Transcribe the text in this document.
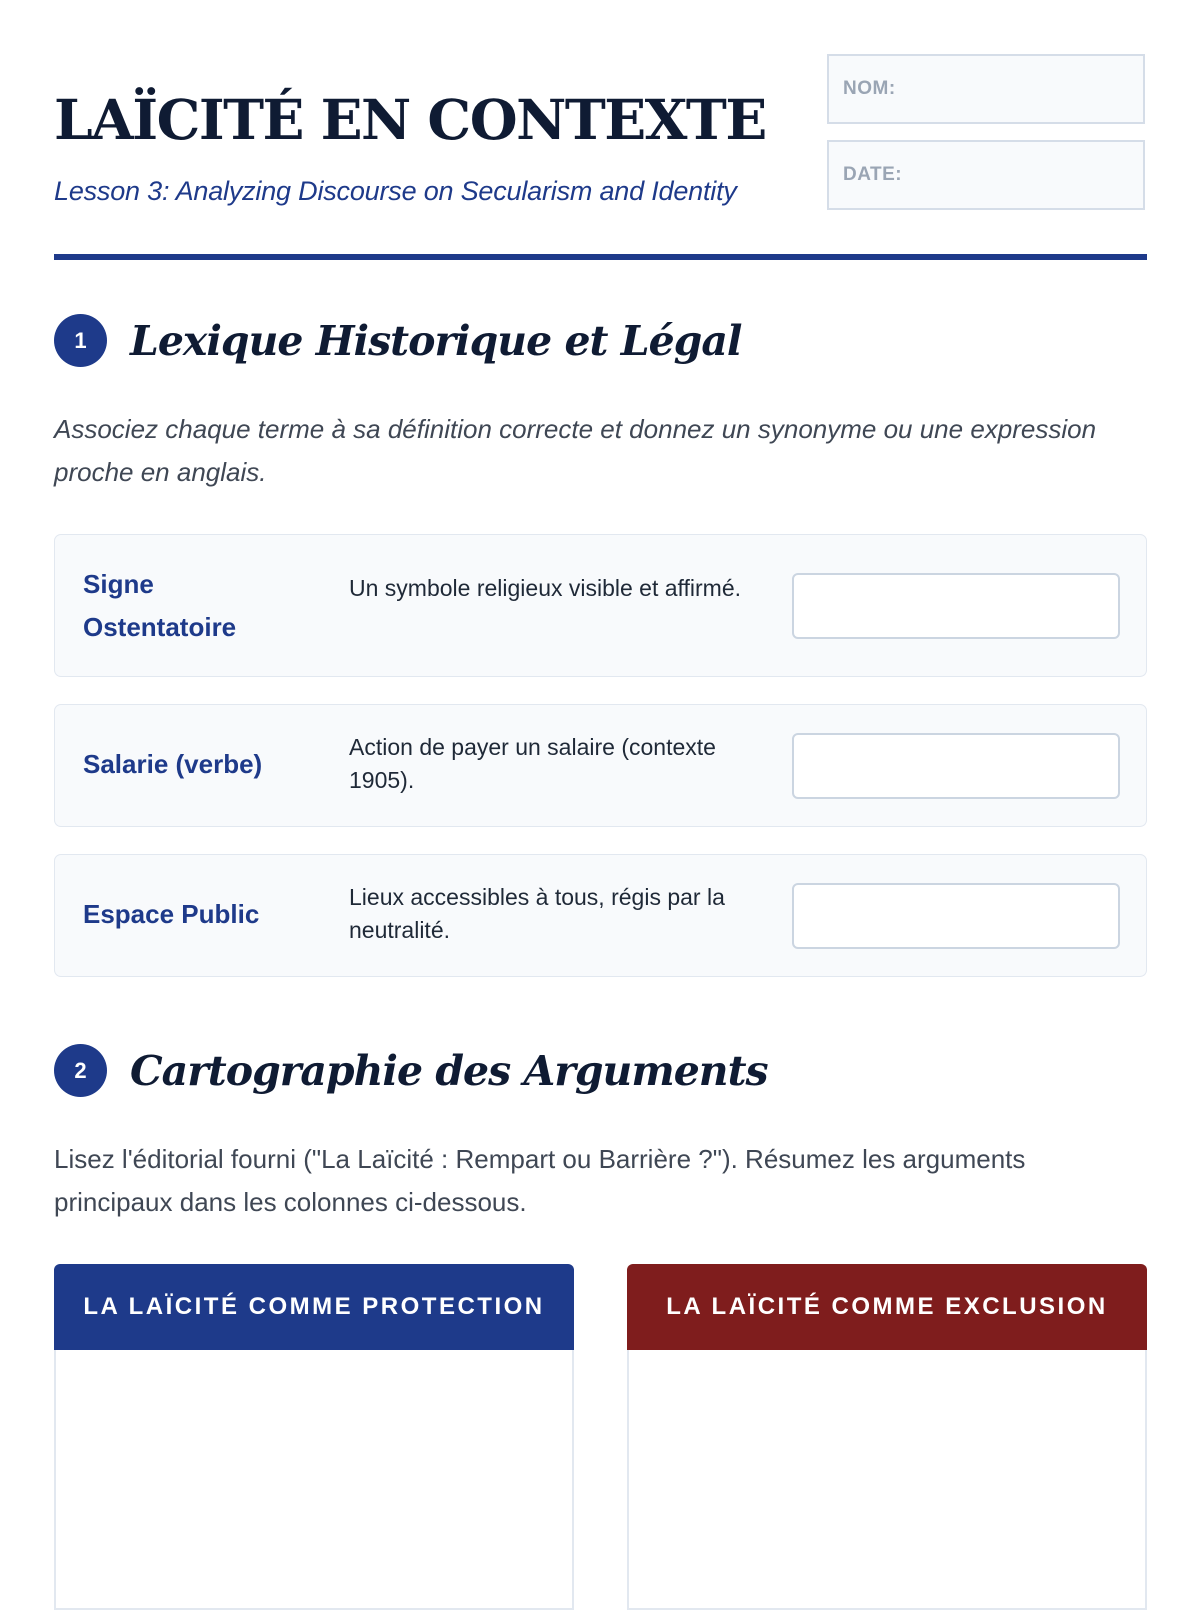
LAÏCITÉ EN CONTEXTE
Lesson 3: Analyzing Discourse on Secularism and Identity
NOM:
DATE:
1	Lexique Historique et Légal
Associez chaque terme à sa définition correcte et donnez un synonyme ou une expression proche en anglais.
Signe Ostentatoire
Un symbole religieux visible et affirmé.
Salarie (verbe)
Action de payer un salaire (contexte 1905).
Espace Public
Lieux accessibles à tous, régis par la neutralité.
2	Cartographie des Arguments
Lisez l'éditorial fourni ("La Laïcité : Rempart ou Barrière ?"). Résumez les arguments principaux dans les colonnes ci-dessous.
LA LAÏCITÉ COMME PROTECTION	LA LAÏCITÉ COMME EXCLUSION
